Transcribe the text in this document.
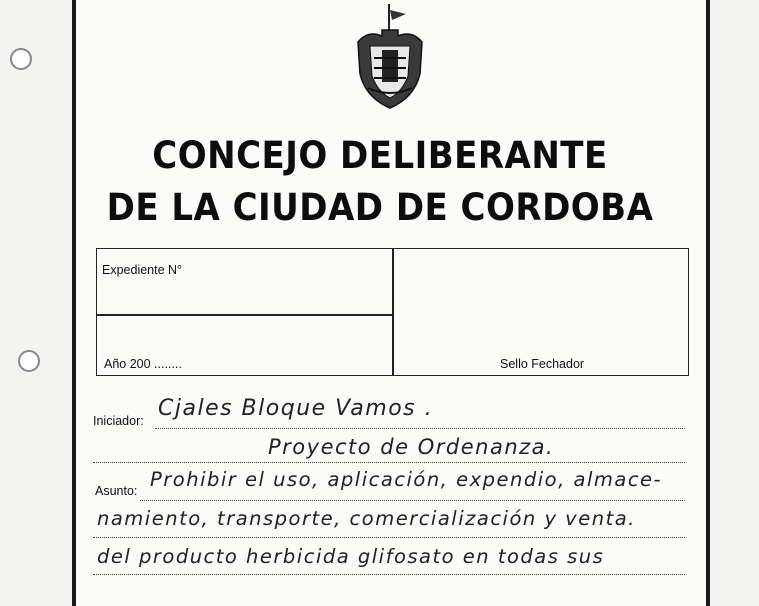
CONCEJO DELIBERANTE
DE LA CIUDAD DE CORDOBA
Expediente N°
Año 200 ........	Sello Fechador
Iniciador: Cjales Bloque Vamos .
Proyecto de Ordenanza.
Asunto: Prohibir el uso, aplicación, expendio, almace-
namiento, transporte, comercialización y venta.
del producto herbicida glifosato en todas sus
